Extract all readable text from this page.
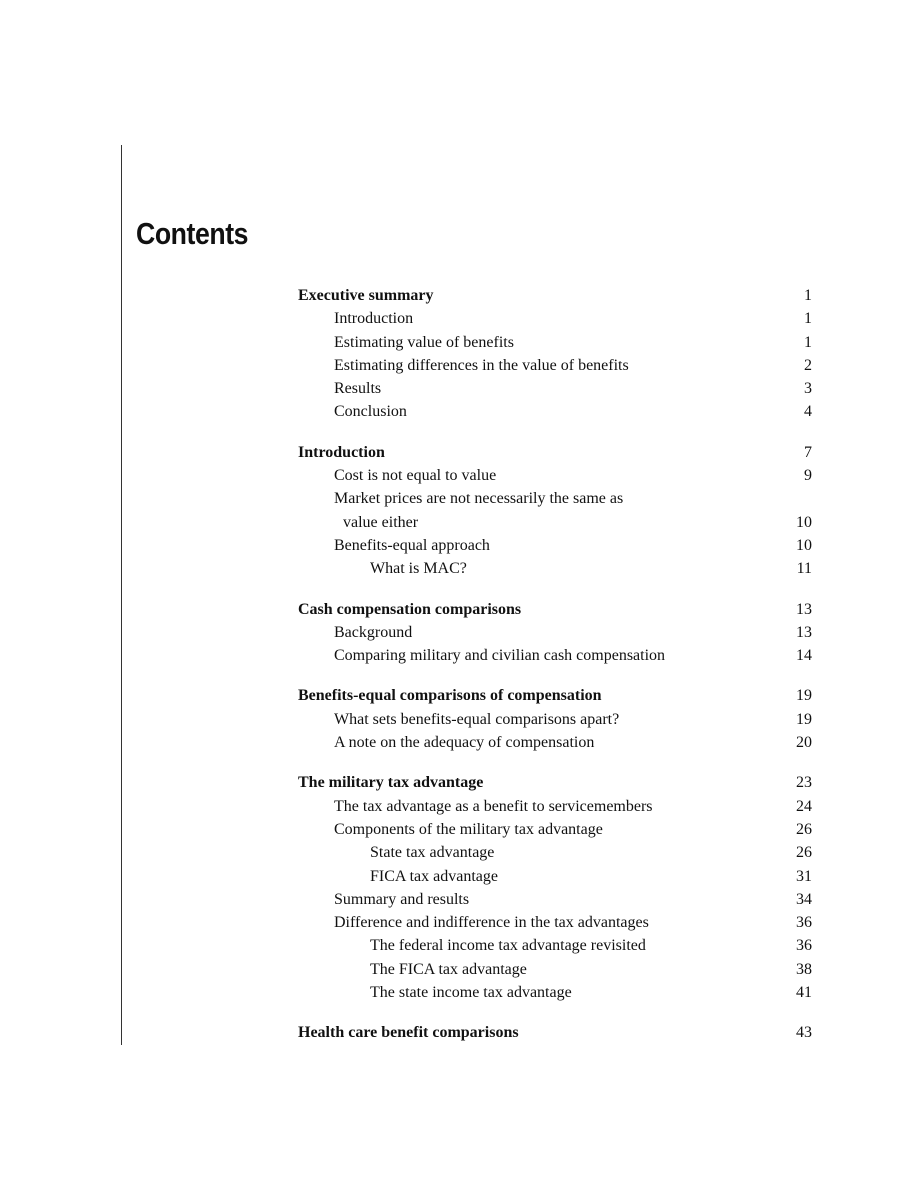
Contents
Executive summary	1
Introduction	1
Estimating value of benefits	1
Estimating differences in the value of benefits	2
Results	3
Conclusion	4
Introduction	7
Cost is not equal to value	9
Market prices are not necessarily the same as
value either	10
Benefits-equal approach	10
What is MAC?	11
Cash compensation comparisons	13
Background	13
Comparing military and civilian cash compensation	14
Benefits-equal comparisons of compensation	19
What sets benefits-equal comparisons apart?	19
A note on the adequacy of compensation	20
The military tax advantage	23
The tax advantage as a benefit to servicemembers	24
Components of the military tax advantage	26
State tax advantage	26
FICA tax advantage	31
Summary and results	34
Difference and indifference in the tax advantages	36
The federal income tax advantage revisited	36
The FICA tax advantage	38
The state income tax advantage	41
Health care benefit comparisons	43
